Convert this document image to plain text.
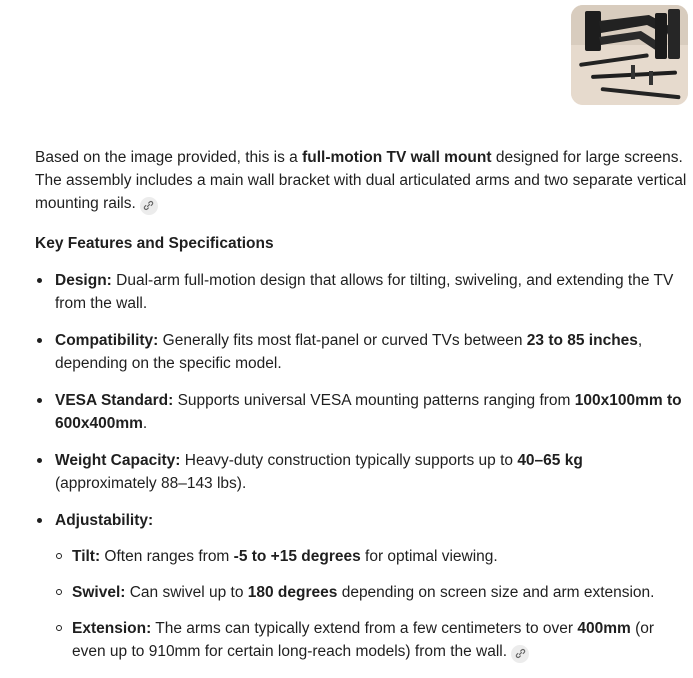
Based on the image provided, this is a full-motion TV wall mount designed for large screens. The assembly includes a main wall bracket with dual articulated arms and two separate vertical mounting rails.

Key Features and Specifications
Design: Dual-arm full-motion design that allows for tilting, swiveling, and extending the TV from the wall.
Compatibility: Generally fits most flat-panel or curved TVs between 23 to 85 inches, depending on the specific model.
VESA Standard: Supports universal VESA mounting patterns ranging from 100x100mm to 600x400mm.
Weight Capacity: Heavy-duty construction typically supports up to 40–65 kg (approximately 88–143 lbs).
Adjustability:
Tilt: Often ranges from -5 to +15 degrees for optimal viewing.
Swivel: Can swivel up to 180 degrees depending on screen size and arm extension.
Extension: The arms can typically extend from a few centimeters to over 400mm (or even up to 910mm for certain long-reach models) from the wall.
